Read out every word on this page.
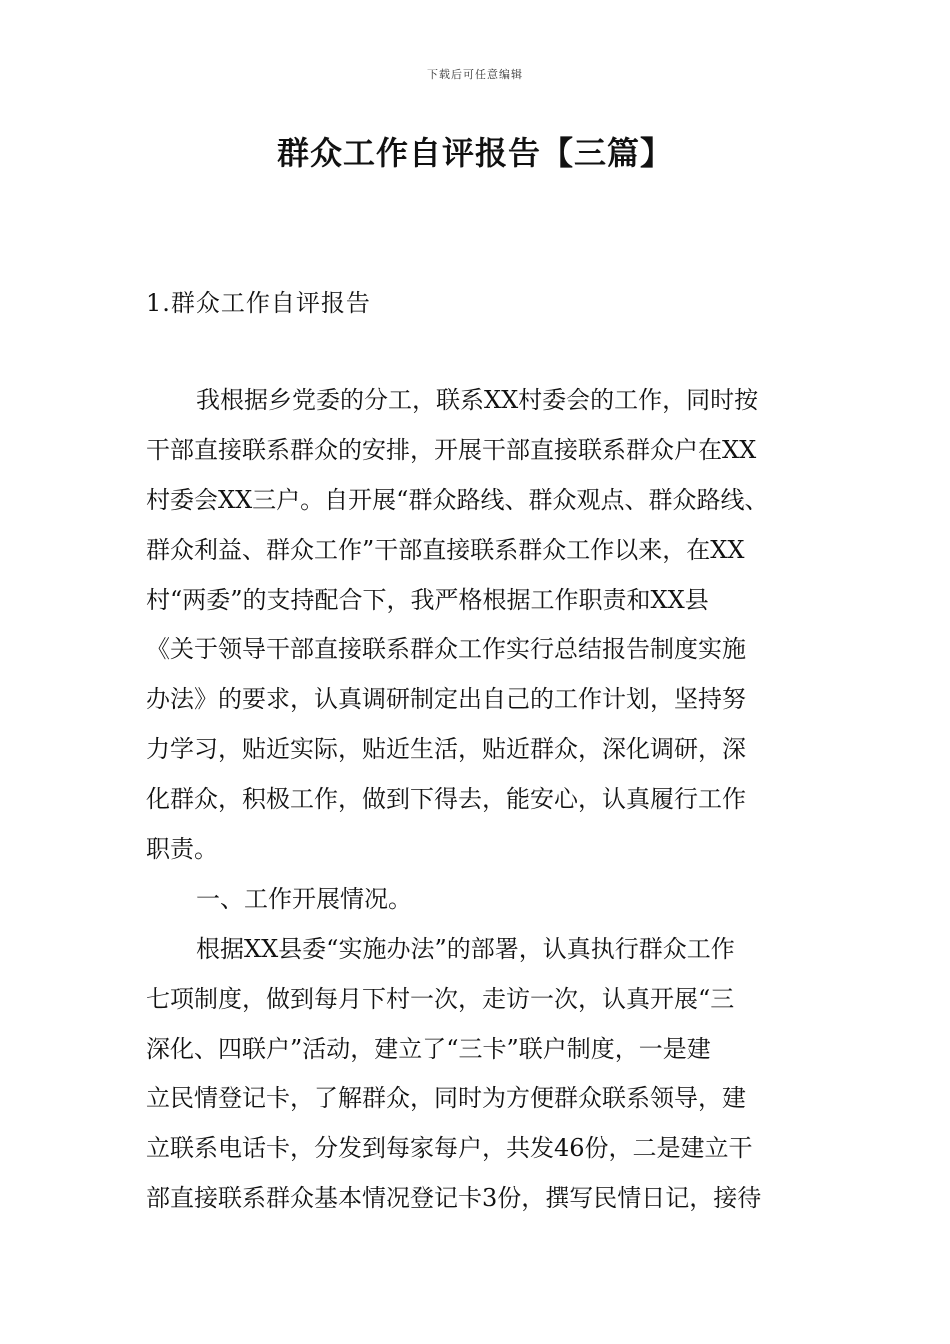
下载后可任意编辑
群众工作自评报告【三篇】
1.群众工作自评报告
我根据乡党委的分工，联系XX村委会的工作，同时按
干部直接联系群众的安排，开展干部直接联系群众户在XX
村委会XX三户。自开展“群众路线、群众观点、群众路线、
群众利益、群众工作”干部直接联系群众工作以来，在XX
村“两委”的支持配合下，我严格根据工作职责和XX县
《关于领导干部直接联系群众工作实行总结报告制度实施
办法》的要求，认真调研制定出自己的工作计划，坚持努
力学习，贴近实际，贴近生活，贴近群众，深化调研，深
化群众，积极工作，做到下得去，能安心，认真履行工作
职责。
一、工作开展情况。
根据XX县委“实施办法”的部署，认真执行群众工作
七项制度，做到每月下村一次，走访一次，认真开展“三
深化、四联户”活动，建立了“三卡”联户制度，一是建
立民情登记卡，了解群众，同时为方便群众联系领导，建
立联系电话卡，分发到每家每户，共发46份，二是建立干
部直接联系群众基本情况登记卡3份，撰写民情日记，接待
